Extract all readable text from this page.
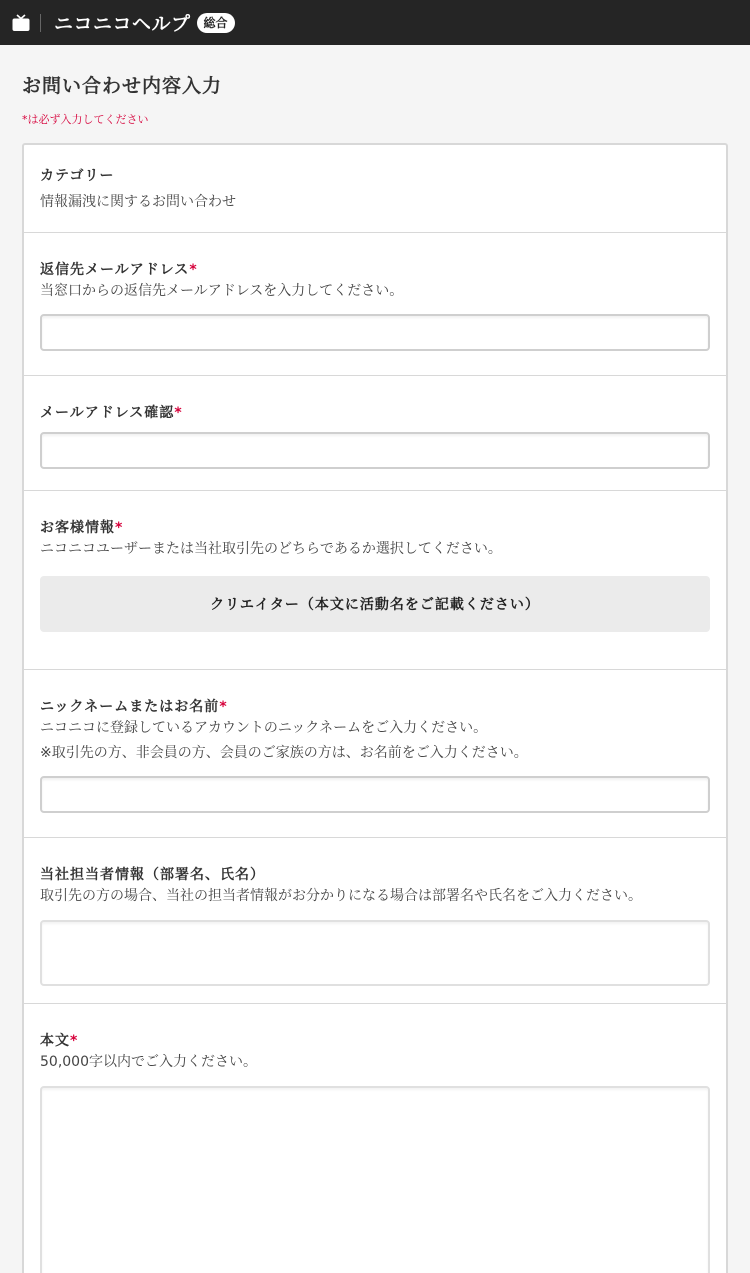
ニコニコヘルプ	総合
お問い合わせ内容入力
*は必ず入力してください
カテゴリー
情報漏洩に関するお問い合わせ
返信先メールアドレス*
当窓口からの返信先メールアドレスを入力してください。
メールアドレス確認*
お客様情報*
ニコニコユーザーまたは当社取引先のどちらであるか選択してください。
クリエイター（本文に活動名をご記載ください）
ニックネームまたはお名前*
ニコニコに登録しているアカウントのニックネームをご入力ください。
※取引先の方、非会員の方、会員のご家族の方は、お名前をご入力ください。
当社担当者情報（部署名、氏名）
取引先の方の場合、当社の担当者情報がお分かりになる場合は部署名や氏名をご入力ください。
本文*
50,000字以内でご入力ください。
